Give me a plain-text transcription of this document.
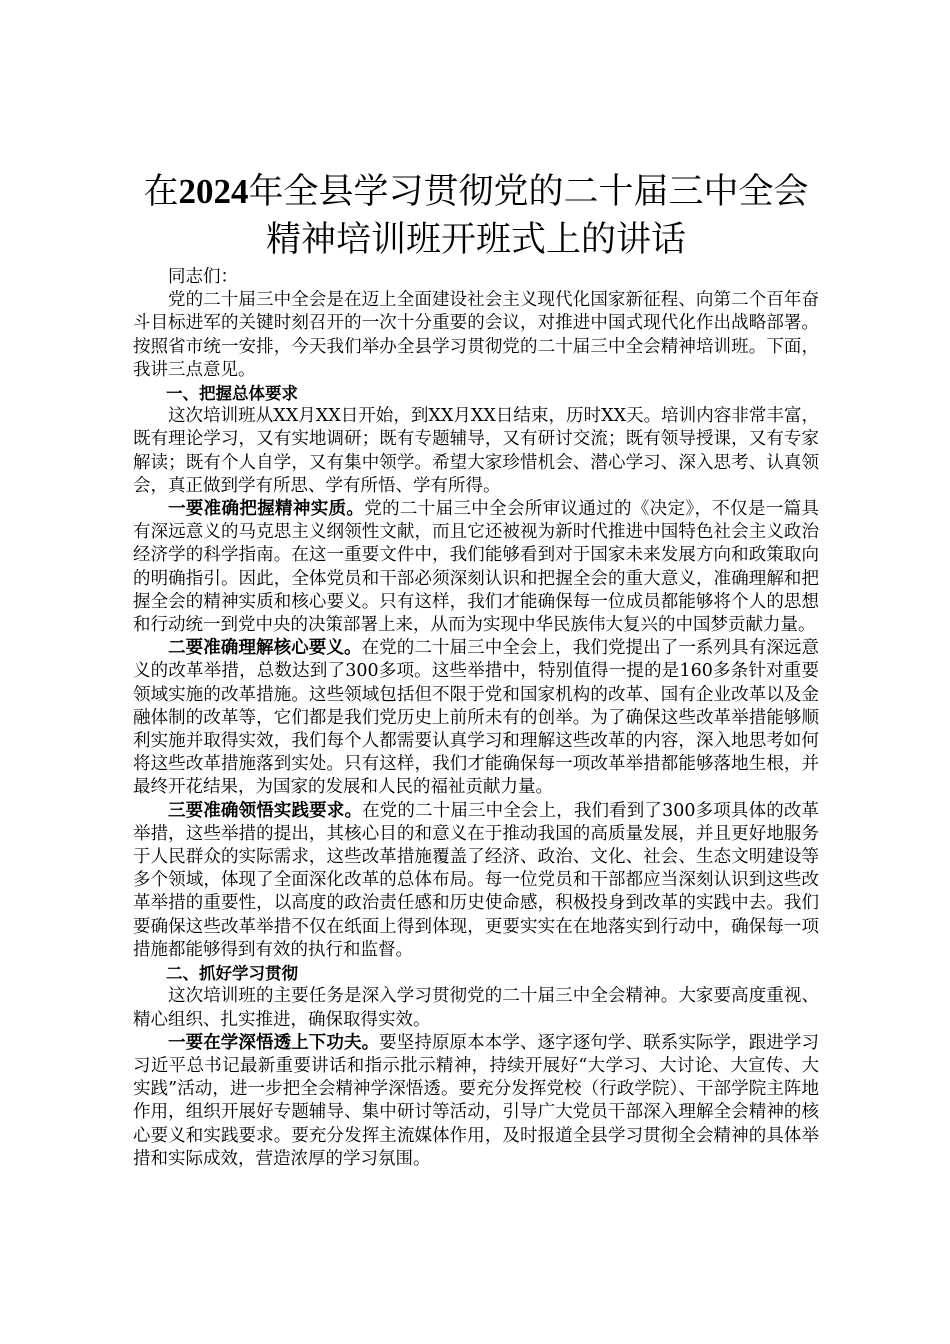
在2024年全县学习贯彻党的二十届三中全会
精神培训班开班式上的讲话

同志们：

党的二十届三中全会是在迈上全面建设社会主义现代化国家新征程、向第二个百年奋斗目标进军的关键时刻召开的一次十分重要的会议，对推进中国式现代化作出战略部署。按照省市统一安排，今天我们举办全县学习贯彻党的二十届三中全会精神培训班。下面，我讲三点意见。

一、把握总体要求

这次培训班从XX月XX日开始，到XX月XX日结束，历时XX天。培训内容非常丰富，既有理论学习，又有实地调研；既有专题辅导，又有研讨交流；既有领导授课，又有专家解读；既有个人自学，又有集中领学。希望大家珍惜机会、潜心学习、深入思考、认真领会，真正做到学有所思、学有所悟、学有所得。

一要准确把握精神实质。党的二十届三中全会所审议通过的《决定》，不仅是一篇具有深远意义的马克思主义纲领性文献，而且它还被视为新时代推进中国特色社会主义政治经济学的科学指南。在这一重要文件中，我们能够看到对于国家未来发展方向和政策取向的明确指引。因此，全体党员和干部必须深刻认识和把握全会的重大意义，准确理解和把握全会的精神实质和核心要义。只有这样，我们才能确保每一位成员都能够将个人的思想和行动统一到党中央的决策部署上来，从而为实现中华民族伟大复兴的中国梦贡献力量。

二要准确理解核心要义。在党的二十届三中全会上，我们党提出了一系列具有深远意义的改革举措，总数达到了300多项。这些举措中，特别值得一提的是160多条针对重要领域实施的改革措施。这些领域包括但不限于党和国家机构的改革、国有企业改革以及金融体制的改革等，它们都是我们党历史上前所未有的创举。为了确保这些改革举措能够顺利实施并取得实效，我们每个人都需要认真学习和理解这些改革的内容，深入地思考如何将这些改革措施落到实处。只有这样，我们才能确保每一项改革举措都能够落地生根，并最终开花结果，为国家的发展和人民的福祉贡献力量。

三要准确领悟实践要求。在党的二十届三中全会上，我们看到了300多项具体的改革举措，这些举措的提出，其核心目的和意义在于推动我国的高质量发展，并且更好地服务于人民群众的实际需求，这些改革措施覆盖了经济、政治、文化、社会、生态文明建设等多个领域，体现了全面深化改革的总体布局。每一位党员和干部都应当深刻认识到这些改革举措的重要性，以高度的政治责任感和历史使命感，积极投身到改革的实践中去。我们要确保这些改革举措不仅在纸面上得到体现，更要实实在在地落实到行动中，确保每一项措施都能够得到有效的执行和监督。

二、抓好学习贯彻

这次培训班的主要任务是深入学习贯彻党的二十届三中全会精神。大家要高度重视、精心组织、扎实推进，确保取得实效。

一要在学深悟透上下功夫。要坚持原原本本学、逐字逐句学、联系实际学，跟进学习习近平总书记最新重要讲话和指示批示精神，持续开展好“大学习、大讨论、大宣传、大实践”活动，进一步把全会精神学深悟透。要充分发挥党校（行政学院）、干部学院主阵地作用，组织开展好专题辅导、集中研讨等活动，引导广大党员干部深入理解全会精神的核心要义和实践要求。要充分发挥主流媒体作用，及时报道全县学习贯彻全会精神的具体举措和实际成效，营造浓厚的学习氛围。
